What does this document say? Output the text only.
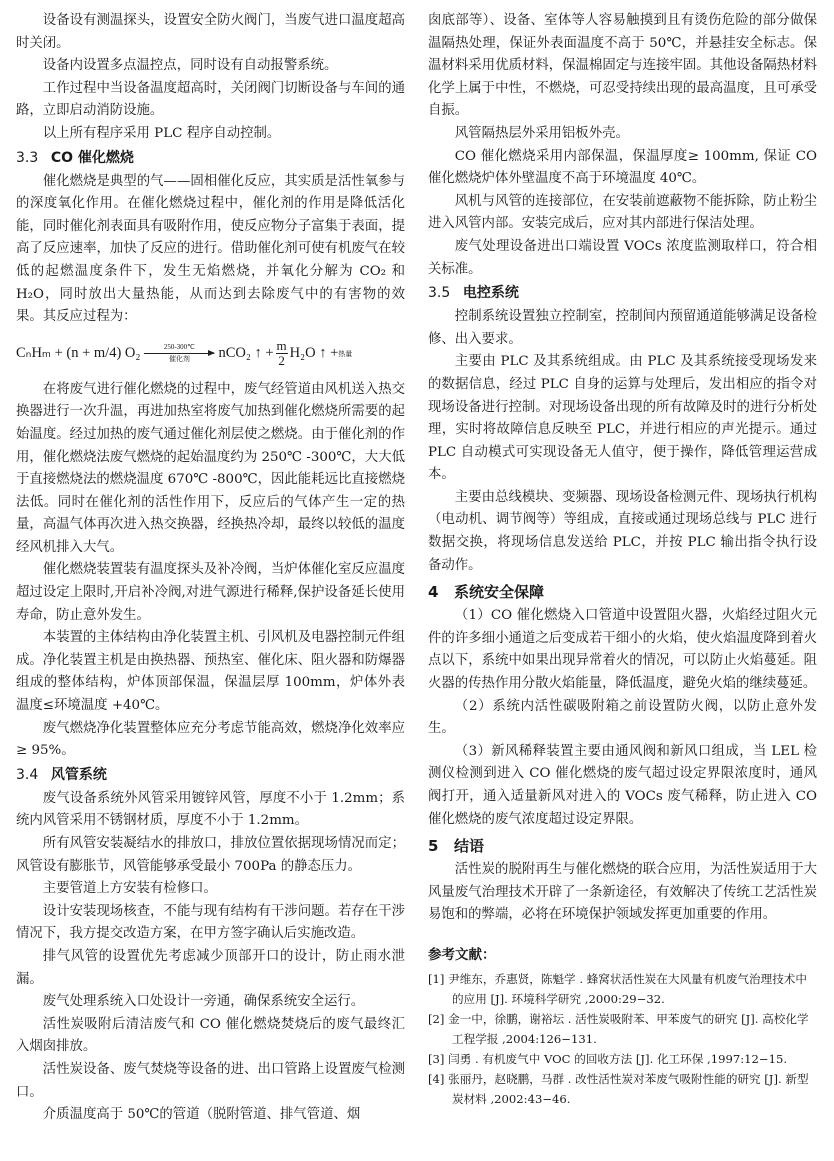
设备设有测温探头，设置安全防火阀门，当废气进口温度超高时关闭。

设备内设置多点温控点，同时设有自动报警系统。

工作过程中当设备温度超高时，关闭阀门切断设备与车间的通路，立即启动消防设施。

以上所有程序采用 PLC 程序自动控制。

3.3 CO 催化燃烧

催化燃烧是典型的气——固相催化反应，其实质是活性氧参与的深度氧化作用。在催化燃烧过程中，催化剂的作用是降低活化能，同时催化剂表面具有吸附作用，使反应物分子富集于表面，提高了反应速率，加快了反应的进行。借助催化剂可使有机废气在较低的起燃温度条件下，发生无焰燃烧，并氧化分解为 CO₂ 和 H₂O，同时放出大量热能，从而达到去除废气中的有害物的效果。其反应过程为：

CₙHₘ + (n + m/4) O₂	250-300℃
催化剂	nCO₂ ↑ + $\frac{m}{2} H_2O$ ↑ + 热量

在将废气进行催化燃烧的过程中，废气经管道由风机送入热交换器进行一次升温，再进加热室将废气加热到催化燃烧所需要的起始温度。经过加热的废气通过催化剂层使之燃烧。由于催化剂的作用，催化燃烧法废气燃烧的起始温度约为 250℃ -300℃，大大低于直接燃烧法的燃烧温度 670℃ -800℃，因此能耗远比直接燃烧法低。同时在催化剂的活性作用下，反应后的气体产生一定的热量，高温气体再次进入热交换器，经换热冷却，最终以较低的温度经风机排入大气。

催化燃烧装置装有温度探头及补冷阀，当炉体催化室反应温度超过设定上限时,开启补冷阀,对进气源进行稀释,保护设备延长使用寿命，防止意外发生。

本装置的主体结构由净化装置主机、引风机及电器控制元件组成。净化装置主机是由换热器、预热室、催化床、阻火器和防爆器组成的整体结构，炉体顶部保温，保温层厚 100mm，炉体外表温度≤环境温度 +40℃。

废气燃烧净化装置整体应充分考虑节能高效，燃烧净化效率应≥ 95%。

3.4 风管系统

废气设备系统外风管采用镀锌风管，厚度不小于 1.2mm；系统内风管采用不锈钢材质，厚度不小于 1.2mm。

所有风管安装凝结水的排放口，排放位置依据现场情况而定；风管设有膨胀节，风管能够承受最小 700Pa 的静态压力。

主要管道上方安装有检修口。

设计安装现场核查，不能与现有结构有干涉问题。若存在干涉情况下，我方提交改造方案，在甲方签字确认后实施改造。

排气风管的设置优先考虑减少顶部开口的设计，防止雨水泄漏。

废气处理系统入口处设计一旁通，确保系统安全运行。

活性炭吸附后清洁废气和 CO 催化燃烧焚烧后的废气最终汇入烟囱排放。

活性炭设备、废气焚烧等设备的进、出口管路上设置废气检测口。

介质温度高于 50℃的管道（脱附管道、排气管道、烟

囱底部等）、设备、室体等人容易触摸到且有烫伤危险的部分做保温隔热处理，保证外表面温度不高于 50℃，并悬挂安全标志。保温材料采用优质材料，保温棉固定与连接牢固。其他设备隔热材料化学上属于中性，不燃烧，可忍受持续出现的最高温度，且可承受自振。

风管隔热层外采用铝板外壳。

CO 催化燃烧采用内部保温，保温厚度≥ 100mm, 保证 CO 催化燃烧炉体外壁温度不高于环境温度 40℃。

风机与风管的连接部位，在安装前遮蔽物不能拆除，防止粉尘进入风管内部。安装完成后，应对其内部进行保洁处理。

废气处理设备进出口端设置 VOCs 浓度监测取样口，符合相关标准。

3.5 电控系统

控制系统设置独立控制室，控制间内预留通道能够满足设备检修、出入要求。

主要由 PLC 及其系统组成。由 PLC 及其系统接受现场发来的数据信息，经过 PLC 自身的运算与处理后，发出相应的指令对现场设备进行控制。对现场设备出现的所有故障及时的进行分析处理，实时将故障信息反映至 PLC，并进行相应的声光提示。通过 PLC 自动模式可实现设备无人值守，便于操作，降低管理运营成本。

主要由总线模块、变频器、现场设备检测元件、现场执行机构（电动机、调节阀等）等组成，直接或通过现场总线与 PLC 进行数据交换，将现场信息发送给 PLC，并按 PLC 输出指令执行设备动作。

4 系统安全保障

（1）CO 催化燃烧入口管道中设置阻火器，火焰经过阻火元件的许多细小通道之后变成若干细小的火焰，使火焰温度降到着火点以下，系统中如果出现异常着火的情况，可以防止火焰蔓延。阻火器的传热作用分散火焰能量，降低温度，避免火焰的继续蔓延。

（2）系统内活性碳吸附箱之前设置防火阀，以防止意外发生。

（3）新风稀释装置主要由通风阀和新风口组成，当 LEL 检测仪检测到进入 CO 催化燃烧的废气超过设定界限浓度时，通风阀打开，通入适量新风对进入的 VOCs 废气稀释，防止进入 CO 催化燃烧的废气浓度超过设定界限。

5 结语

活性炭的脱附再生与催化燃烧的联合应用，为活性炭适用于大风量废气治理技术开辟了一条新途径，有效解决了传统工艺活性炭易饱和的弊端，必将在环境保护领域发挥更加重要的作用。

参考文献：

[1] 尹维东，乔惠贤，陈魁学 . 蜂窝状活性炭在大风量有机废气治理技术中的应用 [J]. 环境科学研究 ,2000:29−32.

[2] 金一中，徐鹏，谢裕坛 . 活性炭吸附苯、甲苯废气的研究 [J]. 高校化学工程学报 ,2004:126−131.

[3] 闫勇 . 有机废气中 VOC 的回收方法 [J]. 化工环保 ,1997:12−15.

[4] 张丽丹，赵晓鹏，马群 . 改性活性炭对苯废气吸附性能的研究 [J]. 新型炭材料 ,2002:43−46.
